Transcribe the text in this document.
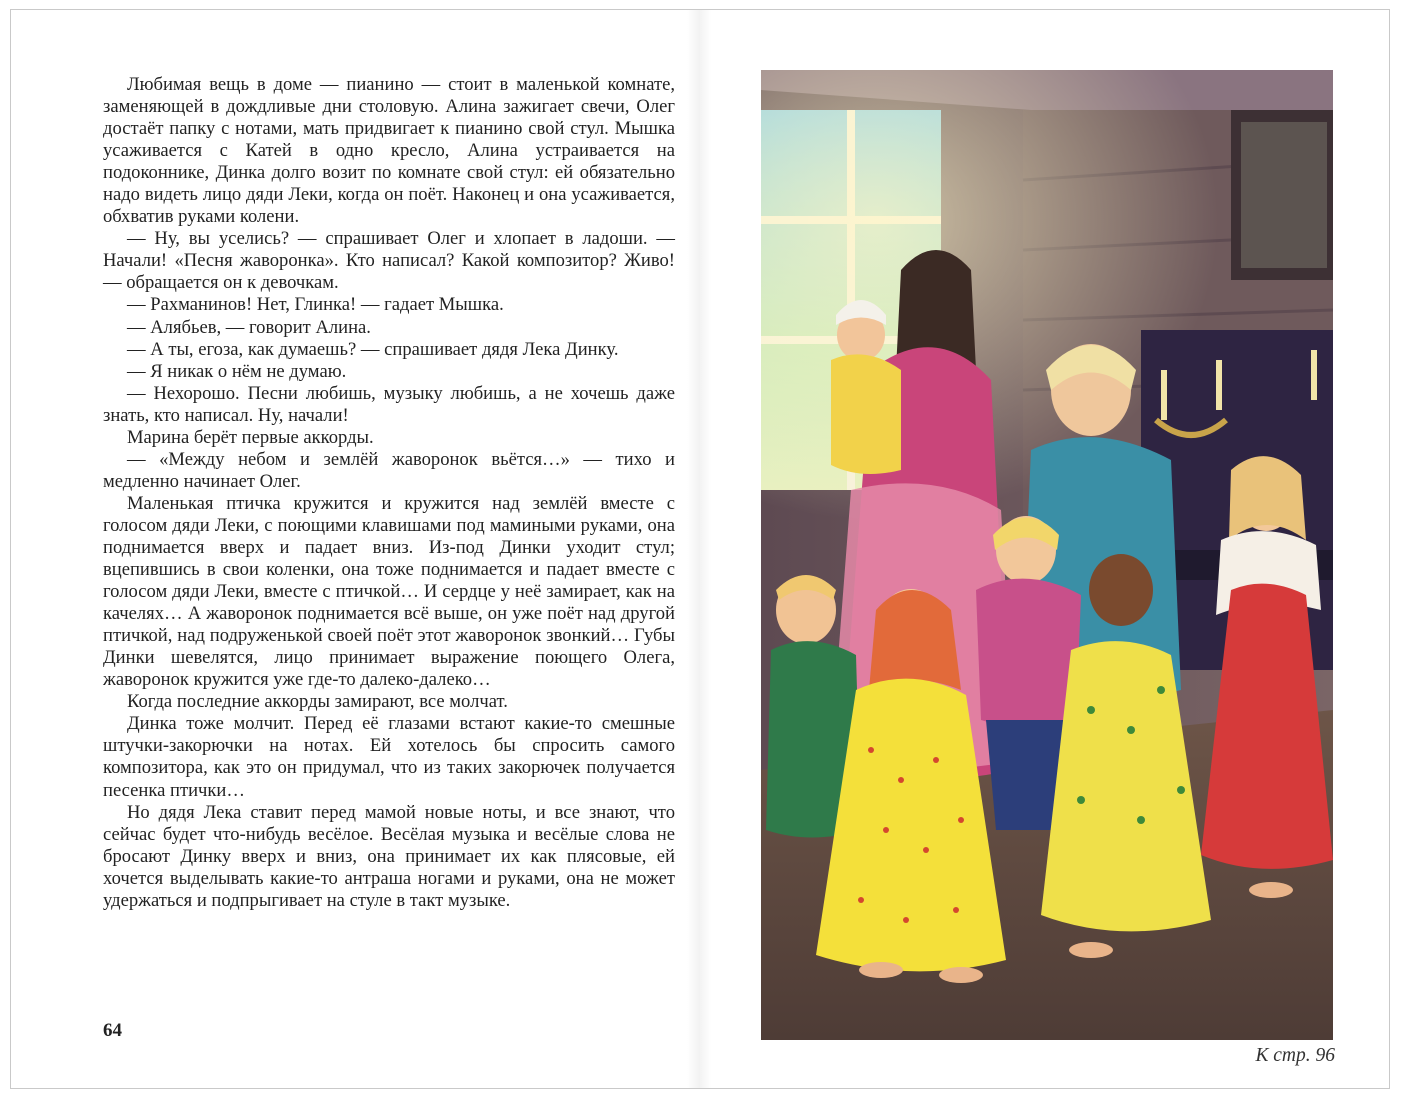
Любимая вещь в доме — пианино — стоит в маленькой комнате, заменяющей в дождливые дни столовую. Алина зажигает свечи, Олег достаёт папку с нотами, мать придвигает к пианино свой стул. Мышка усаживается с Катей в одно кресло, Алина устраивается на подоконнике, Динка долго возит по комнате свой стул: ей обязательно надо видеть лицо дяди Леки, когда он поёт. Наконец и она усаживается, обхватив руками колени.

— Ну, вы уселись? — спрашивает Олег и хлопает в ладоши. — Начали! «Песня жаворонка». Кто написал? Какой композитор? Живо! — обращается он к девочкам.

— Рахманинов! Нет, Глинка! — гадает Мышка.

— Алябьев, — говорит Алина.

— А ты, егоза, как думаешь? — спрашивает дядя Лека Динку.

— Я никак о нём не думаю.

— Нехорошо. Песни любишь, музыку любишь, а не хочешь даже знать, кто написал. Ну, начали!

Марина берёт первые аккорды.

— «Между небом и землёй жаворонок вьётся…» — тихо и медленно начинает Олег.

Маленькая птичка кружится и кружится над землёй вместе с голосом дяди Леки, с поющими клавишами под мамиными руками, она поднимается вверх и падает вниз. Из-под Динки уходит стул; вцепившись в свои коленки, она тоже поднимается и падает вместе с голосом дяди Леки, вместе с птичкой… И сердце у неё замирает, как на качелях… А жаворонок поднимается всё выше, он уже поёт над другой птичкой, над подруженькой своей поёт этот жаворонок звонкий… Губы Динки шевелятся, лицо принимает выражение поющего Олега, жаворонок кружится уже где-то далеко-далеко…

Когда последние аккорды замирают, все молчат.

Динка тоже молчит. Перед её глазами встают какие-то смешные штучки-закорючки на нотах. Ей хотелось бы спросить самого композитора, как это он придумал, что из таких закорючек получается песенка птички…

Но дядя Лека ставит перед мамой новые ноты, и все знают, что сейчас будет что-нибудь весёлое. Весёлая музыка и весёлые слова не бросают Динку вверх и вниз, она принимает их как плясовые, ей хочется выделывать какие-то антраша ногами и руками, она не может удержаться и подпрыгивает на стуле в такт музыке.

64
К стр. 96
